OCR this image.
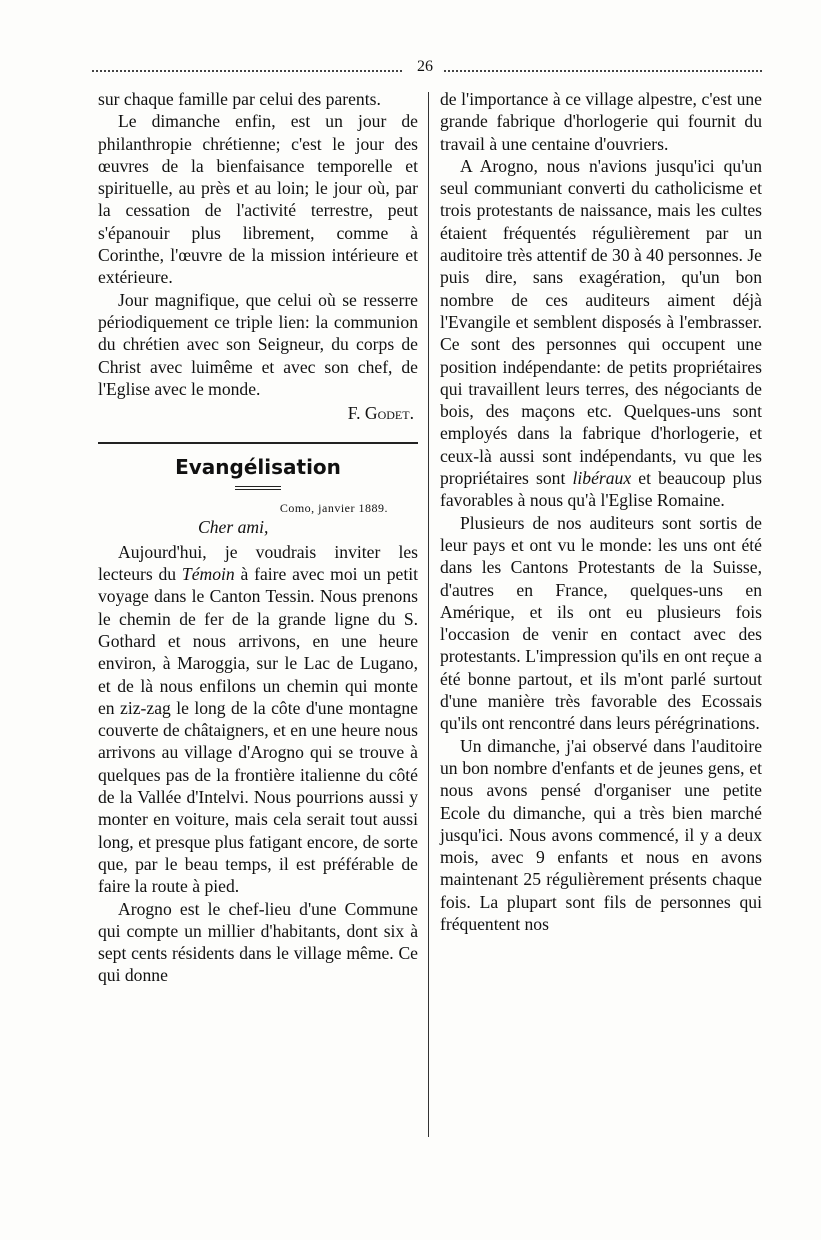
26

sur chaque famille par celui des parents.

Le dimanche enfin, est un jour de philanthropie chrétienne; c'est le jour des œuvres de la bienfaisance temporelle et spirituelle, au près et au loin; le jour où, par la cessation de l'activité terrestre, peut s'épanouir plus librement, comme à Corinthe, l'œuvre de la mission intérieure et extérieure.

Jour magnifique, que celui où se resserre périodiquement ce triple lien: la communion du chrétien avec son Seigneur, du corps de Christ avec luimême et avec son chef, de l'Eglise avec le monde.

F. Godet.
Evangélisation
Como, janvier 1889.
Cher ami,

Aujourd'hui, je voudrais inviter les lecteurs du Témoin à faire avec moi un petit voyage dans le Canton Tessin. Nous prenons le chemin de fer de la grande ligne du S. Gothard et nous arrivons, en une heure environ, à Maroggia, sur le Lac de Lugano, et de là nous enfilons un chemin qui monte en ziz-zag le long de la côte d'une montagne couverte de châtaigners, et en une heure nous arrivons au village d'Arogno qui se trouve à quelques pas de la frontière italienne du côté de la Vallée d'Intelvi. Nous pourrions aussi y monter en voiture, mais cela serait tout aussi long, et presque plus fatigant encore, de sorte que, par le beau temps, il est préférable de faire la route à pied.

Arogno est le chef-lieu d'une Commune qui compte un millier d'habitants, dont six à sept cents résidents dans le village même. Ce qui donne

de l'importance à ce village alpestre, c'est une grande fabrique d'horlogerie qui fournit du travail à une centaine d'ouvriers.

A Arogno, nous n'avions jusqu'ici qu'un seul communiant converti du catholicisme et trois protestants de naissance, mais les cultes étaient fréquentés régulièrement par un auditoire très attentif de 30 à 40 personnes. Je puis dire, sans exagération, qu'un bon nombre de ces auditeurs aiment déjà l'Evangile et semblent disposés à l'embrasser. Ce sont des personnes qui occupent une position indépendante: de petits propriétaires qui travaillent leurs terres, des négociants de bois, des maçons etc. Quelques-uns sont employés dans la fabrique d'horlogerie, et ceux-là aussi sont indépendants, vu que les propriétaires sont libéraux et beaucoup plus favorables à nous qu'à l'Eglise Romaine.

Plusieurs de nos auditeurs sont sortis de leur pays et ont vu le monde: les uns ont été dans les Cantons Protestants de la Suisse, d'autres en France, quelques-uns en Amérique, et ils ont eu plusieurs fois l'occasion de venir en contact avec des protestants. L'impression qu'ils en ont reçue a été bonne partout, et ils m'ont parlé surtout d'une manière très favorable des Ecossais qu'ils ont rencontré dans leurs pérégrinations.

Un dimanche, j'ai observé dans l'auditoire un bon nombre d'enfants et de jeunes gens, et nous avons pensé d'organiser une petite Ecole du dimanche, qui a très bien marché jusqu'ici. Nous avons commencé, il y a deux mois, avec 9 enfants et nous en avons maintenant 25 régulièrement présents chaque fois. La plupart sont fils de personnes qui fréquentent nos
